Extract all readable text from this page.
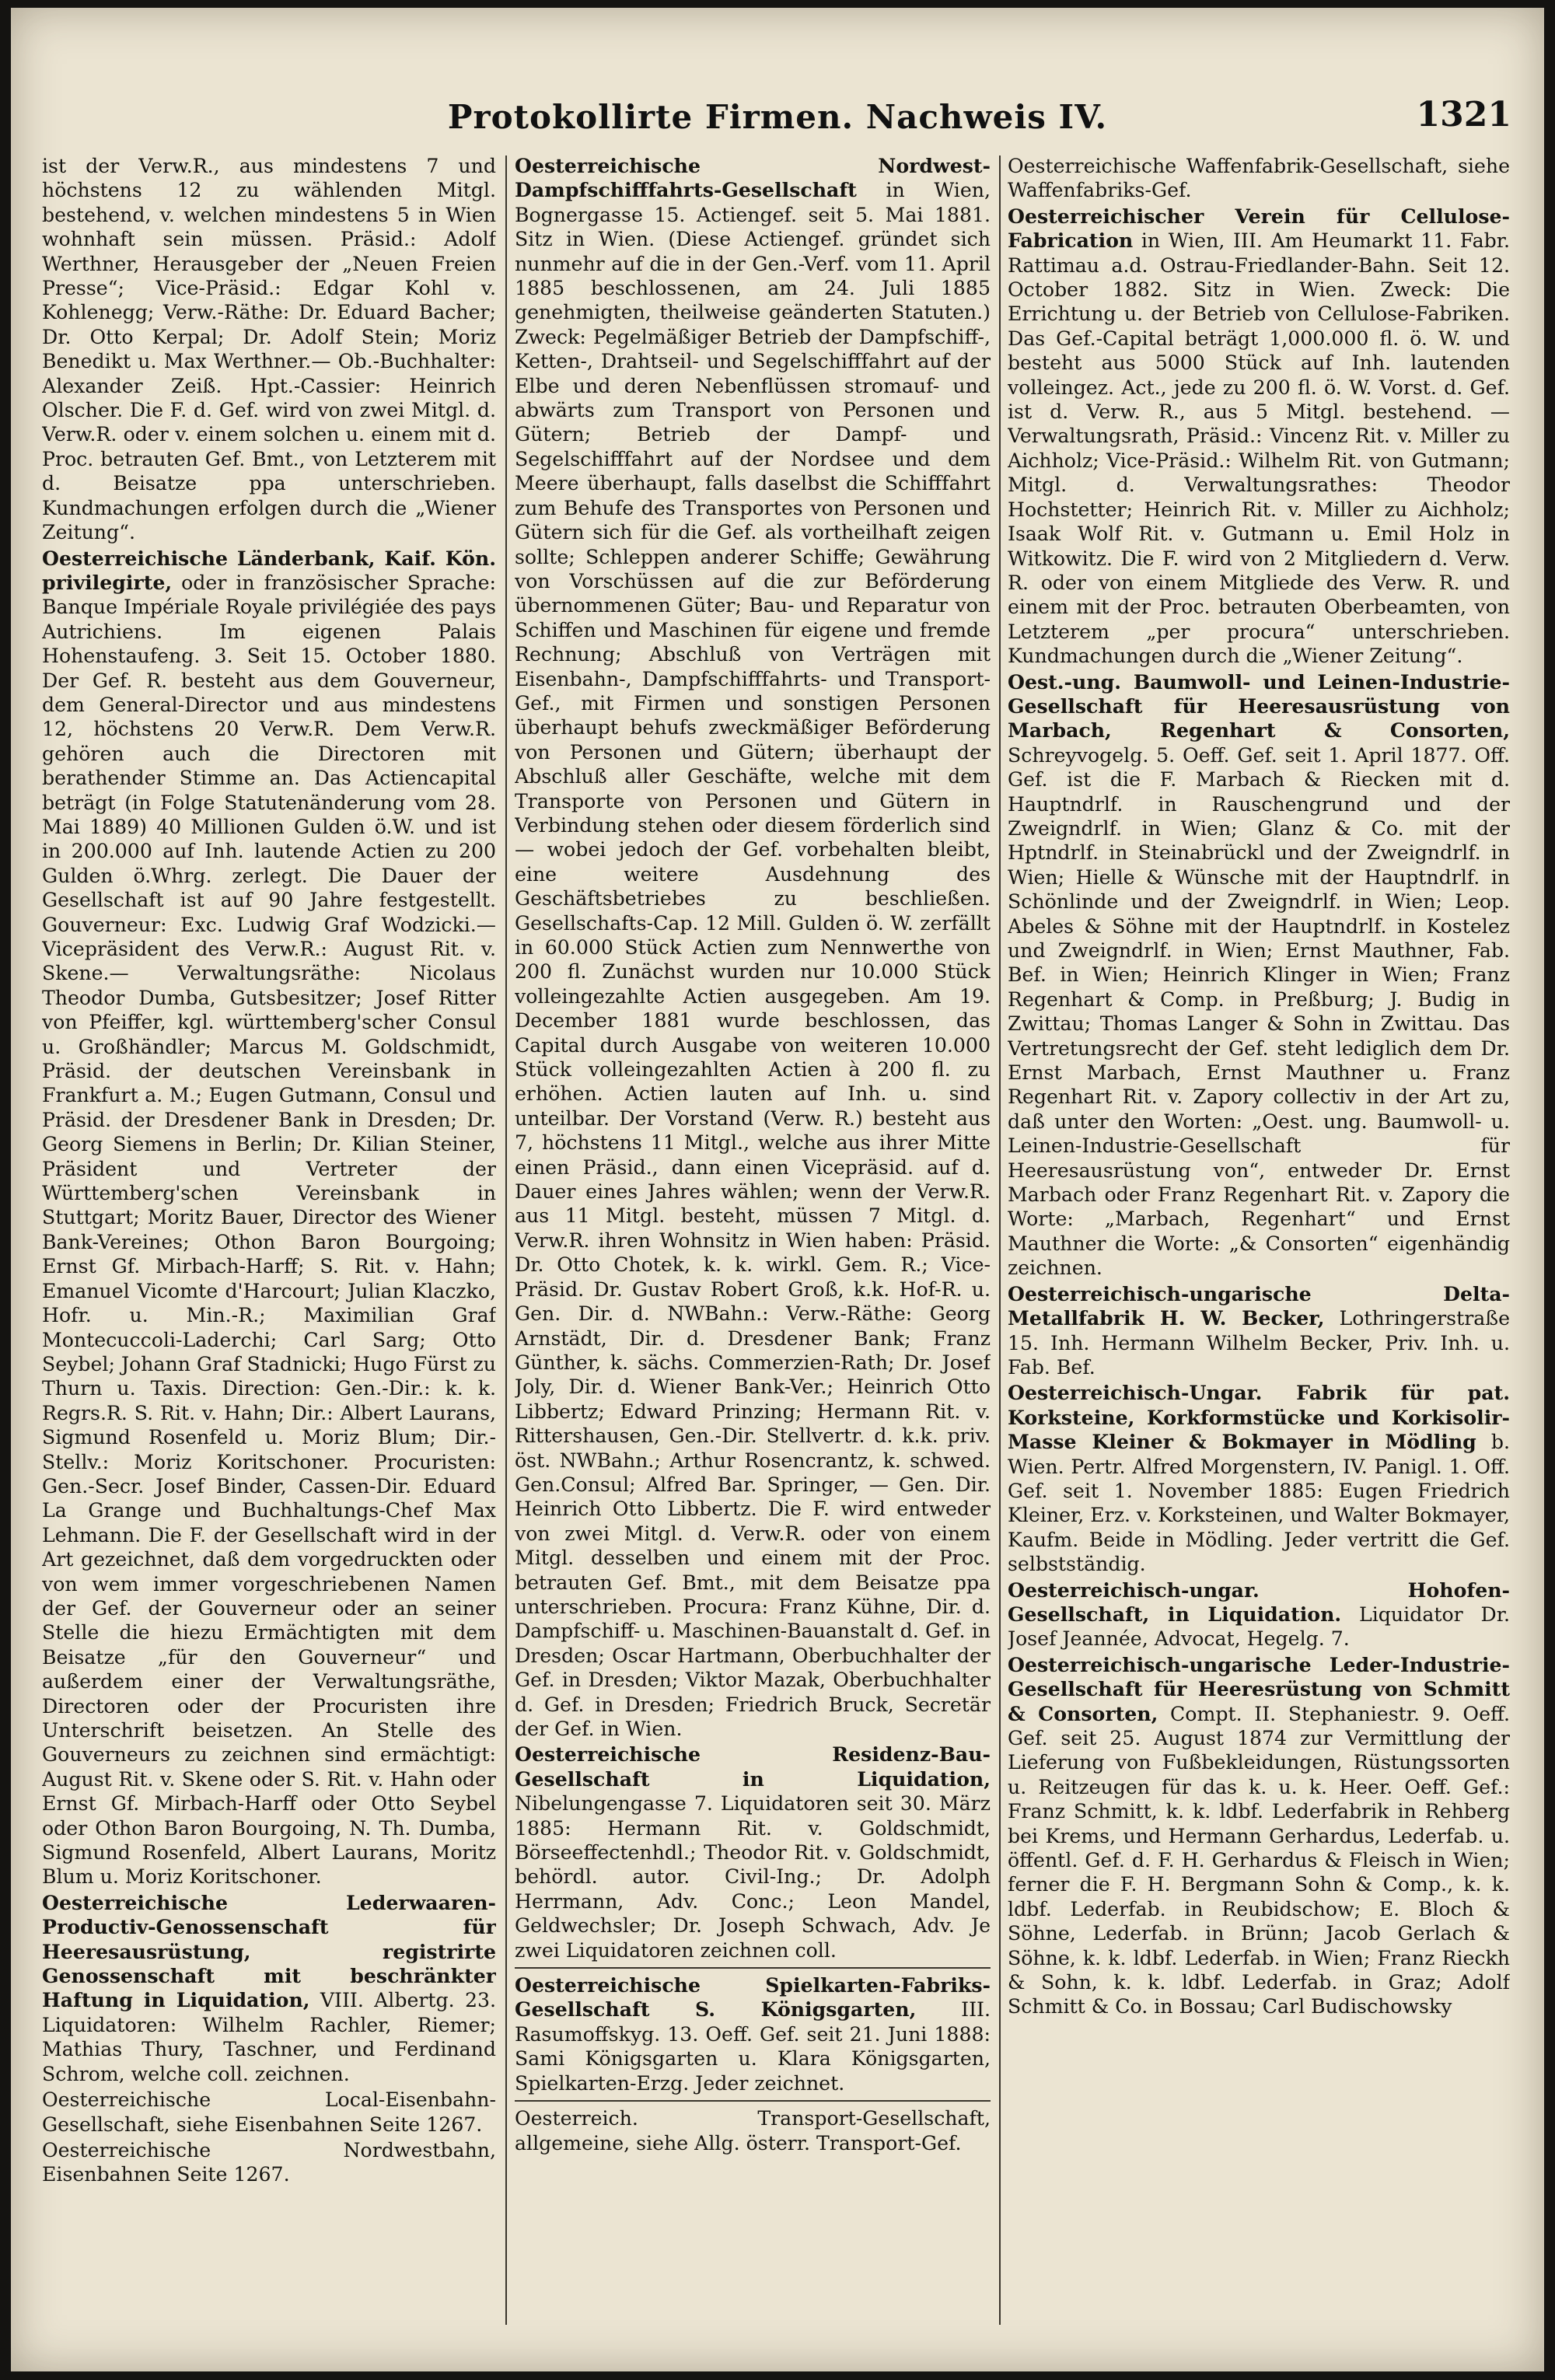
Protokollirte Firmen. Nachweis IV.	1321

ist der Verw.R., aus mindestens 7 und höchstens 12 zu wählenden Mitgl. bestehend, v. welchen mindestens 5 in Wien wohnhaft sein müssen. Präsid.: Adolf Werthner, Herausgeber der „Neuen Freien Presse“; Vice-Präsid.: Edgar Kohl v. Kohlenegg; Verw.-Räthe: Dr. Eduard Bacher; Dr. Otto Kerpal; Dr. Adolf Stein; Moriz Benedikt u. Max Werthner.— Ob.-Buchhalter: Alexander Zeiß. Hpt.-Cassier: Heinrich Olscher. Die F. d. Gef. wird von zwei Mitgl. d. Verw.R. oder v. einem solchen u. einem mit d. Proc. betrauten Gef. Bmt., von Letzterem mit d. Beisatze ppa unterschrieben. Kundmachungen erfolgen durch die „Wiener Zeitung“.

Oesterreichische Länderbank, Kaif. Kön. privilegirte, oder in französischer Sprache: Banque Impériale Royale privilégiée des pays Autrichiens. Im eigenen Palais Hohenstaufeng. 3. Seit 15. October 1880. Der Gef. R. besteht aus dem Gouverneur, dem General-Director und aus mindestens 12, höchstens 20 Verw.R. Dem Verw.R. gehören auch die Directoren mit berathender Stimme an. Das Actiencapital beträgt (in Folge Statutenänderung vom 28. Mai 1889) 40 Millionen Gulden ö.W. und ist in 200.000 auf Inh. lautende Actien zu 200 Gulden ö.Whrg. zerlegt. Die Dauer der Gesellschaft ist auf 90 Jahre festgestellt. Gouverneur: Exc. Ludwig Graf Wodzicki.— Vicepräsident des Verw.R.: August Rit. v. Skene.— Verwaltungsräthe: Nicolaus Theodor Dumba, Gutsbesitzer; Josef Ritter von Pfeiffer, kgl. württemberg'scher Consul u. Großhändler; Marcus M. Goldschmidt, Präsid. der deutschen Vereinsbank in Frankfurt a. M.; Eugen Gutmann, Consul und Präsid. der Dresdener Bank in Dresden; Dr. Georg Siemens in Berlin; Dr. Kilian Steiner, Präsident und Vertreter der Württemberg'schen Vereinsbank in Stuttgart; Moritz Bauer, Director des Wiener Bank-Vereines; Othon Baron Bourgoing; Ernst Gf. Mirbach-Harff; S. Rit. v. Hahn; Emanuel Vicomte d'Harcourt; Julian Klaczko, Hofr. u. Min.-R.; Maximilian Graf Montecuccoli-Laderchi; Carl Sarg; Otto Seybel; Johann Graf Stadnicki; Hugo Fürst zu Thurn u. Taxis. Direction: Gen.-Dir.: k. k. Regrs.R. S. Rit. v. Hahn; Dir.: Albert Laurans, Sigmund Rosenfeld u. Moriz Blum; Dir.-Stellv.: Moriz Koritschoner. Procuristen: Gen.-Secr. Josef Binder, Cassen-Dir. Eduard La Grange und Buchhaltungs-Chef Max Lehmann. Die F. der Gesellschaft wird in der Art gezeichnet, daß dem vorgedruckten oder von wem immer vorgeschriebenen Namen der Gef. der Gouverneur oder an seiner Stelle die hiezu Ermächtigten mit dem Beisatze „für den Gouverneur“ und außerdem einer der Verwaltungsräthe, Directoren oder der Procuristen ihre Unterschrift beisetzen. An Stelle des Gouverneurs zu zeichnen sind ermächtigt: August Rit. v. Skene oder S. Rit. v. Hahn oder Ernst Gf. Mirbach-Harff oder Otto Seybel oder Othon Baron Bourgoing, N. Th. Dumba, Sigmund Rosenfeld, Albert Laurans, Moritz Blum u. Moriz Koritschoner.

Oesterreichische Lederwaaren-Productiv-Genossenschaft für Heeresausrüstung, registrirte Genossenschaft mit beschränkter Haftung in Liquidation, VIII. Albertg. 23. Liquidatoren: Wilhelm Rachler, Riemer; Mathias Thury, Taschner, und Ferdinand Schrom, welche coll. zeichnen.

Oesterreichische Local-Eisenbahn-Gesellschaft, siehe Eisenbahnen Seite 1267.

Oesterreichische Nordwestbahn, Eisenbahnen Seite 1267.

Oesterreichische Nordwest-Dampfschifffahrts-Gesellschaft in Wien, Bognergasse 15. Actiengef. seit 5. Mai 1881. Sitz in Wien. (Diese Actiengef. gründet sich nunmehr auf die in der Gen.-Verf. vom 11. April 1885 beschlossenen, am 24. Juli 1885 genehmigten, theilweise geänderten Statuten.) Zweck: Pegelmäßiger Betrieb der Dampfschiff-, Ketten-, Drahtseil- und Segelschifffahrt auf der Elbe und deren Nebenflüssen stromauf- und abwärts zum Transport von Personen und Gütern; Betrieb der Dampf- und Segelschifffahrt auf der Nordsee und dem Meere überhaupt, falls daselbst die Schifffahrt zum Behufe des Transportes von Personen und Gütern sich für die Gef. als vortheilhaft zeigen sollte; Schleppen anderer Schiffe; Gewährung von Vorschüssen auf die zur Beförderung übernommenen Güter; Bau- und Reparatur von Schiffen und Maschinen für eigene und fremde Rechnung; Abschluß von Verträgen mit Eisenbahn-, Dampfschifffahrts- und Transport-Gef., mit Firmen und sonstigen Personen überhaupt behufs zweckmäßiger Beförderung von Personen und Gütern; überhaupt der Abschluß aller Geschäfte, welche mit dem Transporte von Personen und Gütern in Verbindung stehen oder diesem förderlich sind — wobei jedoch der Gef. vorbehalten bleibt, eine weitere Ausdehnung des Geschäftsbetriebes zu beschließen. Gesellschafts-Cap. 12 Mill. Gulden ö. W. zerfällt in 60.000 Stück Actien zum Nennwerthe von 200 fl. Zunächst wurden nur 10.000 Stück volleingezahlte Actien ausgegeben. Am 19. December 1881 wurde beschlossen, das Capital durch Ausgabe von weiteren 10.000 Stück volleingezahlten Actien à 200 fl. zu erhöhen. Actien lauten auf Inh. u. sind unteilbar. Der Vorstand (Verw. R.) besteht aus 7, höchstens 11 Mitgl., welche aus ihrer Mitte einen Präsid., dann einen Vicepräsid. auf d. Dauer eines Jahres wählen; wenn der Verw.R. aus 11 Mitgl. besteht, müssen 7 Mitgl. d. Verw.R. ihren Wohnsitz in Wien haben: Präsid. Dr. Otto Chotek, k. k. wirkl. Gem. R.; Vice-Präsid. Dr. Gustav Robert Groß, k.k. Hof-R. u. Gen. Dir. d. NWBahn.: Verw.-Räthe: Georg Arnstädt, Dir. d. Dresdener Bank; Franz Günther, k. sächs. Commerzien-Rath; Dr. Josef Joly, Dir. d. Wiener Bank-Ver.; Heinrich Otto Libbertz; Edward Prinzing; Hermann Rit. v. Rittershausen, Gen.-Dir. Stellvertr. d. k.k. priv. öst. NWBahn.; Arthur Rosencrantz, k. schwed. Gen.Consul; Alfred Bar. Springer, — Gen. Dir. Heinrich Otto Libbertz. Die F. wird entweder von zwei Mitgl. d. Verw.R. oder von einem Mitgl. desselben und einem mit der Proc. betrauten Gef. Bmt., mit dem Beisatze ppa unterschrieben. Procura: Franz Kühne, Dir. d. Dampfschiff- u. Maschinen-Bauanstalt d. Gef. in Dresden; Oscar Hartmann, Oberbuchhalter der Gef. in Dresden; Viktor Mazak, Oberbuchhalter d. Gef. in Dresden; Friedrich Bruck, Secretär der Gef. in Wien.

Oesterreichische Residenz-Bau-Gesellschaft in Liquidation, Nibelungengasse 7. Liquidatoren seit 30. März 1885: Hermann Rit. v. Goldschmidt, Börseeffectenhdl.; Theodor Rit. v. Goldschmidt, behördl. autor. Civil-Ing.; Dr. Adolph Herrmann, Adv. Conc.; Leon Mandel, Geldwechsler; Dr. Joseph Schwach, Adv. Je zwei Liquidatoren zeichnen coll.

Oesterreichische Spielkarten-Fabriks-Gesellschaft S. Königsgarten, III. Rasumoffskyg. 13. Oeff. Gef. seit 21. Juni 1888: Sami Königsgarten u. Klara Königsgarten, Spielkarten-Erzg. Jeder zeichnet.

Oesterreich. Transport-Gesellschaft, allgemeine, siehe Allg. österr. Transport-Gef.

Oesterreichische Waffenfabrik-Gesellschaft, siehe Waffenfabriks-Gef.

Oesterreichischer Verein für Cellulose-Fabrication in Wien, III. Am Heumarkt 11. Fabr. Rattimau a.d. Ostrau-Friedlander-Bahn. Seit 12. October 1882. Sitz in Wien. Zweck: Die Errichtung u. der Betrieb von Cellulose-Fabriken. Das Gef.-Capital beträgt 1,000.000 fl. ö. W. und besteht aus 5000 Stück auf Inh. lautenden volleingez. Act., jede zu 200 fl. ö. W. Vorst. d. Gef. ist d. Verw. R., aus 5 Mitgl. bestehend. — Verwaltungsrath, Präsid.: Vincenz Rit. v. Miller zu Aichholz; Vice-Präsid.: Wilhelm Rit. von Gutmann; Mitgl. d. Verwaltungsrathes: Theodor Hochstetter; Heinrich Rit. v. Miller zu Aichholz; Isaak Wolf Rit. v. Gutmann u. Emil Holz in Witkowitz. Die F. wird von 2 Mitgliedern d. Verw. R. oder von einem Mitgliede des Verw. R. und einem mit der Proc. betrauten Oberbeamten, von Letzterem „per procura“ unterschrieben. Kundmachungen durch die „Wiener Zeitung“.

Oest.-ung. Baumwoll- und Leinen-Industrie-Gesellschaft für Heeresausrüstung von Marbach, Regenhart & Consorten, Schreyvogelg. 5. Oeff. Gef. seit 1. April 1877. Off. Gef. ist die F. Marbach & Riecken mit d. Hauptndrlf. in Rauschengrund und der Zweigndrlf. in Wien; Glanz & Co. mit der Hptndrlf. in Steinabrückl und der Zweigndrlf. in Wien; Hielle & Wünsche mit der Hauptndrlf. in Schönlinde und der Zweigndrlf. in Wien; Leop. Abeles & Söhne mit der Hauptndrlf. in Kostelez und Zweigndrlf. in Wien; Ernst Mauthner, Fab. Bef. in Wien; Heinrich Klinger in Wien; Franz Regenhart & Comp. in Preßburg; J. Budig in Zwittau; Thomas Langer & Sohn in Zwittau. Das Vertretungsrecht der Gef. steht lediglich dem Dr. Ernst Marbach, Ernst Mauthner u. Franz Regenhart Rit. v. Zapory collectiv in der Art zu, daß unter den Worten: „Oest. ung. Baumwoll- u. Leinen-Industrie-Gesellschaft für Heeresausrüstung von“, entweder Dr. Ernst Marbach oder Franz Regenhart Rit. v. Zapory die Worte: „Marbach, Regenhart“ und Ernst Mauthner die Worte: „& Consorten“ eigenhändig zeichnen.

Oesterreichisch-ungarische Delta-Metallfabrik H. W. Becker, Lothringerstraße 15. Inh. Hermann Wilhelm Becker, Priv. Inh. u. Fab. Bef.

Oesterreichisch-Ungar. Fabrik für pat. Korksteine, Korkformstücke und Korkisolir-Masse Kleiner & Bokmayer in Mödling b. Wien. Pertr. Alfred Morgenstern, IV. Panigl. 1. Off. Gef. seit 1. November 1885: Eugen Friedrich Kleiner, Erz. v. Korksteinen, und Walter Bokmayer, Kaufm. Beide in Mödling. Jeder vertritt die Gef. selbstständig.

Oesterreichisch-ungar. Hohofen-Gesellschaft, in Liquidation. Liquidator Dr. Josef Jeannée, Advocat, Hegelg. 7.

Oesterreichisch-ungarische Leder-Industrie-Gesellschaft für Heeresrüstung von Schmitt & Consorten, Compt. II. Stephaniestr. 9. Oeff. Gef. seit 25. August 1874 zur Vermittlung der Lieferung von Fußbekleidungen, Rüstungssorten u. Reitzeugen für das k. u. k. Heer. Oeff. Gef.: Franz Schmitt, k. k. ldbf. Lederfabrik in Rehberg bei Krems, und Hermann Gerhardus, Lederfab. u. öffentl. Gef. d. F. H. Gerhardus & Fleisch in Wien; ferner die F. H. Bergmann Sohn & Comp., k. k. ldbf. Lederfab. in Reubidschow; E. Bloch & Söhne, Lederfab. in Brünn; Jacob Gerlach & Söhne, k. k. ldbf. Lederfab. in Wien; Franz Rieckh & Sohn, k. k. ldbf. Lederfab. in Graz; Adolf Schmitt & Co. in Bossau; Carl Budischowsky
